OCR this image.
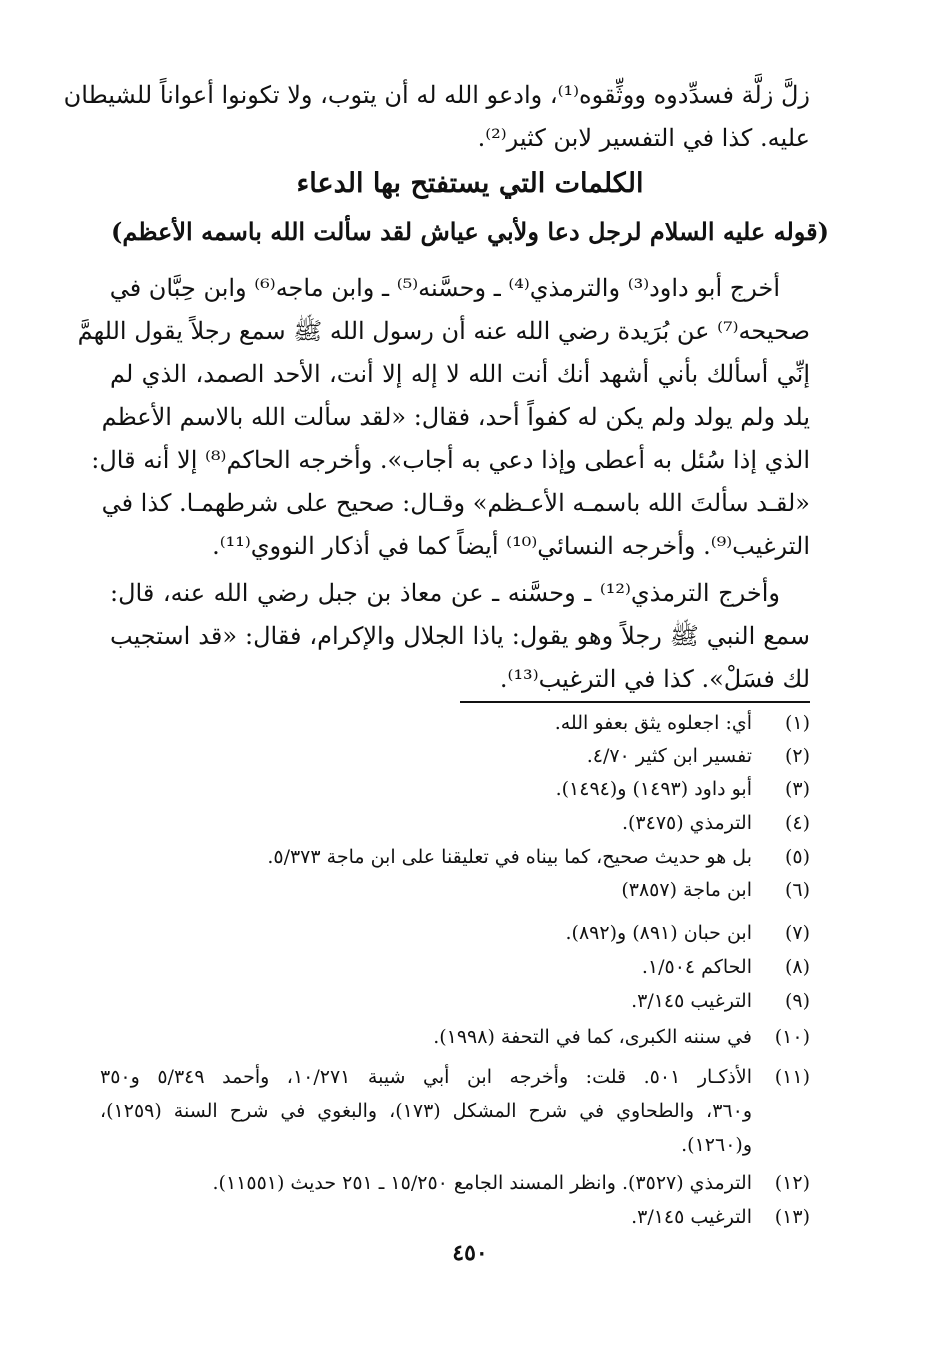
زلَّ زلَّة فسدِّدوه ووثِّقوه⁽¹⁾، وادعو الله له أن يتوب، ولا تكونوا أعواناً للشيطان
عليه. كذا في التفسير لابن كثير⁽²⁾.
الكلمات التي يستفتح بها الدعاء
(قوله عليه السلام لرجل دعا ولأبي عياش لقد سألت الله باسمه الأعظم)
أخرج أبو داود⁽³⁾ والترمذي⁽⁴⁾ ـ وحسَّنه⁽⁵⁾ ـ وابن ماجه⁽⁶⁾ وابن حِبَّان في
صحيحه⁽⁷⁾ عن بُرَيدة رضي الله عنه أن رسول الله ﷺ سمع رجلاً يقول اللهمَّ
إنِّي أسألك بأني أشهد أنك أنت الله لا إله إلا أنت، الأحد الصمد، الذي لم
يلد ولم يولد ولم يكن له كفواً أحد، فقال: «لقد سألت الله بالاسم الأعظم
الذي إذا سُئل به أعطى وإذا دعي به أجاب». وأخرجه الحاكم⁽⁸⁾ إلا أنه قال:
«لقـد سألتَ الله باسمـه الأعـظم» وقـال: صحيح على شرطهمـا. كذا في
الترغيب⁽⁹⁾. وأخرجه النسائي⁽¹⁰⁾ أيضاً كما في أذكار النووي⁽¹¹⁾.
وأخرج الترمذي⁽¹²⁾ ـ وحسَّنه ـ عن معاذ بن جبل رضي الله عنه، قال:
سمع النبي ﷺ رجلاً وهو يقول: ياذا الجلال والإكرام، فقال: «قد استجيب
لك فسَلْ». كذا في الترغيب⁽¹³⁾.
(١)
أي: اجعلوه يثق بعفو الله.
(٢)
تفسير ابن كثير ٤/٧٠.
(٣)
أبو داود (١٤٩٣) و(١٤٩٤).
(٤)
الترمذي (٣٤٧٥).
(٥)
بل هو حديث صحيح، كما بيناه في تعليقنا على ابن ماجة ٥/٣٧٣.
(٦)
ابن ماجة (٣٨٥٧)
(٧)
ابن حبان (٨٩١) و(٨٩٢).
(٨)
الحاكم ١/٥٠٤.
(٩)
الترغيب ٣/١٤٥.
(١٠)
في سننه الكبرى، كما في التحفة (١٩٩٨).
(١١)
الأذكـار ٥٠١. قلت: وأخرجه ابن أبي شيبة ١٠/٢٧١، وأحمد ٥/٣٤٩ و٣٥٠
و٣٦٠، والطحاوي في شرح المشكل (١٧٣)، والبغوي في شرح السنة (١٢٥٩)،
و(١٢٦٠).
(١٢)
الترمذي (٣٥٢٧). وانظر المسند الجامع ١٥/٢٥٠ ـ ٢٥١ حديث (١١٥٥١).
(١٣)
الترغيب ٣/١٤٥.
٤٥٠
